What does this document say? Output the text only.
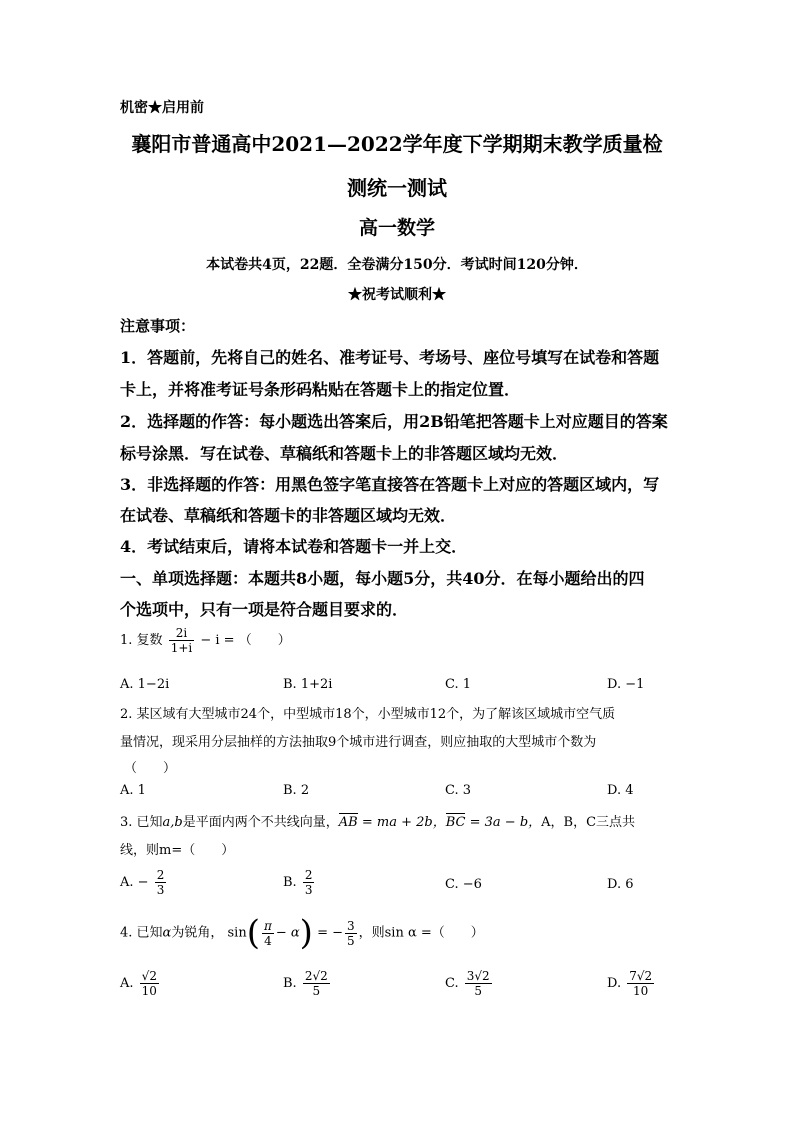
机密★启用前
襄阳市普通高中2021—2022学年度下学期期末教学质量检
测统一测试
高一数学
本试卷共4页，22题．全卷满分150分．考试时间120分钟．
★祝考试顺利★
注意事项：
1．答题前，先将自己的姓名、准考证号、考场号、座位号填写在试卷和答题
卡上，并将准考证号条形码粘贴在答题卡上的指定位置．
2．选择题的作答：每小题选出答案后，用2B铅笔把答题卡上对应题目的答案
标号涂黑．写在试卷、草稿纸和答题卡上的非答题区域均无效．
3．非选择题的作答：用黑色签字笔直接答在答题卡上对应的答题区域内，写
在试卷、草稿纸和答题卡的非答题区域均无效．
4．考试结束后，请将本试卷和答题卡一并上交．
一、单项选择题：本题共8小题，每小题5分，共40分．在每小题给出的四
个选项中，只有一项是符合题目要求的．
1. 复数 $\frac{2i}{1+i} - i$ = （　　）
A. 1−2i	B. 1+2i	C. 1	D. −1
2. 某区域有大型城市24个，中型城市18个，小型城市12个，为了解该区域城市空气质
量情况，现采用分层抽样的方法抽取9个城市进行调查，则应抽取的大型城市个数为
（　　）
A. 1	B. 2	C. 3	D. 4
3. 已知a,b是平面内两个不共线向量，AB = ma + 2b，BC = 3a − b，A，B，C三点共
线，则m=（　　）
A. − $\frac{2}{3}$	B. $\frac{2}{3}$	C. −6	D. 6
4. 已知α为锐角， $\sin( \frac{\pi}{4} - \alpha)$ = − $\frac{3}{5}$ ，则sin α =（　　）
A. $\frac{√2}{10}$	B. $\frac{2√2}{5}$	C. $\frac{3√2}{5}$	D. $\frac{7√2}{10}$
